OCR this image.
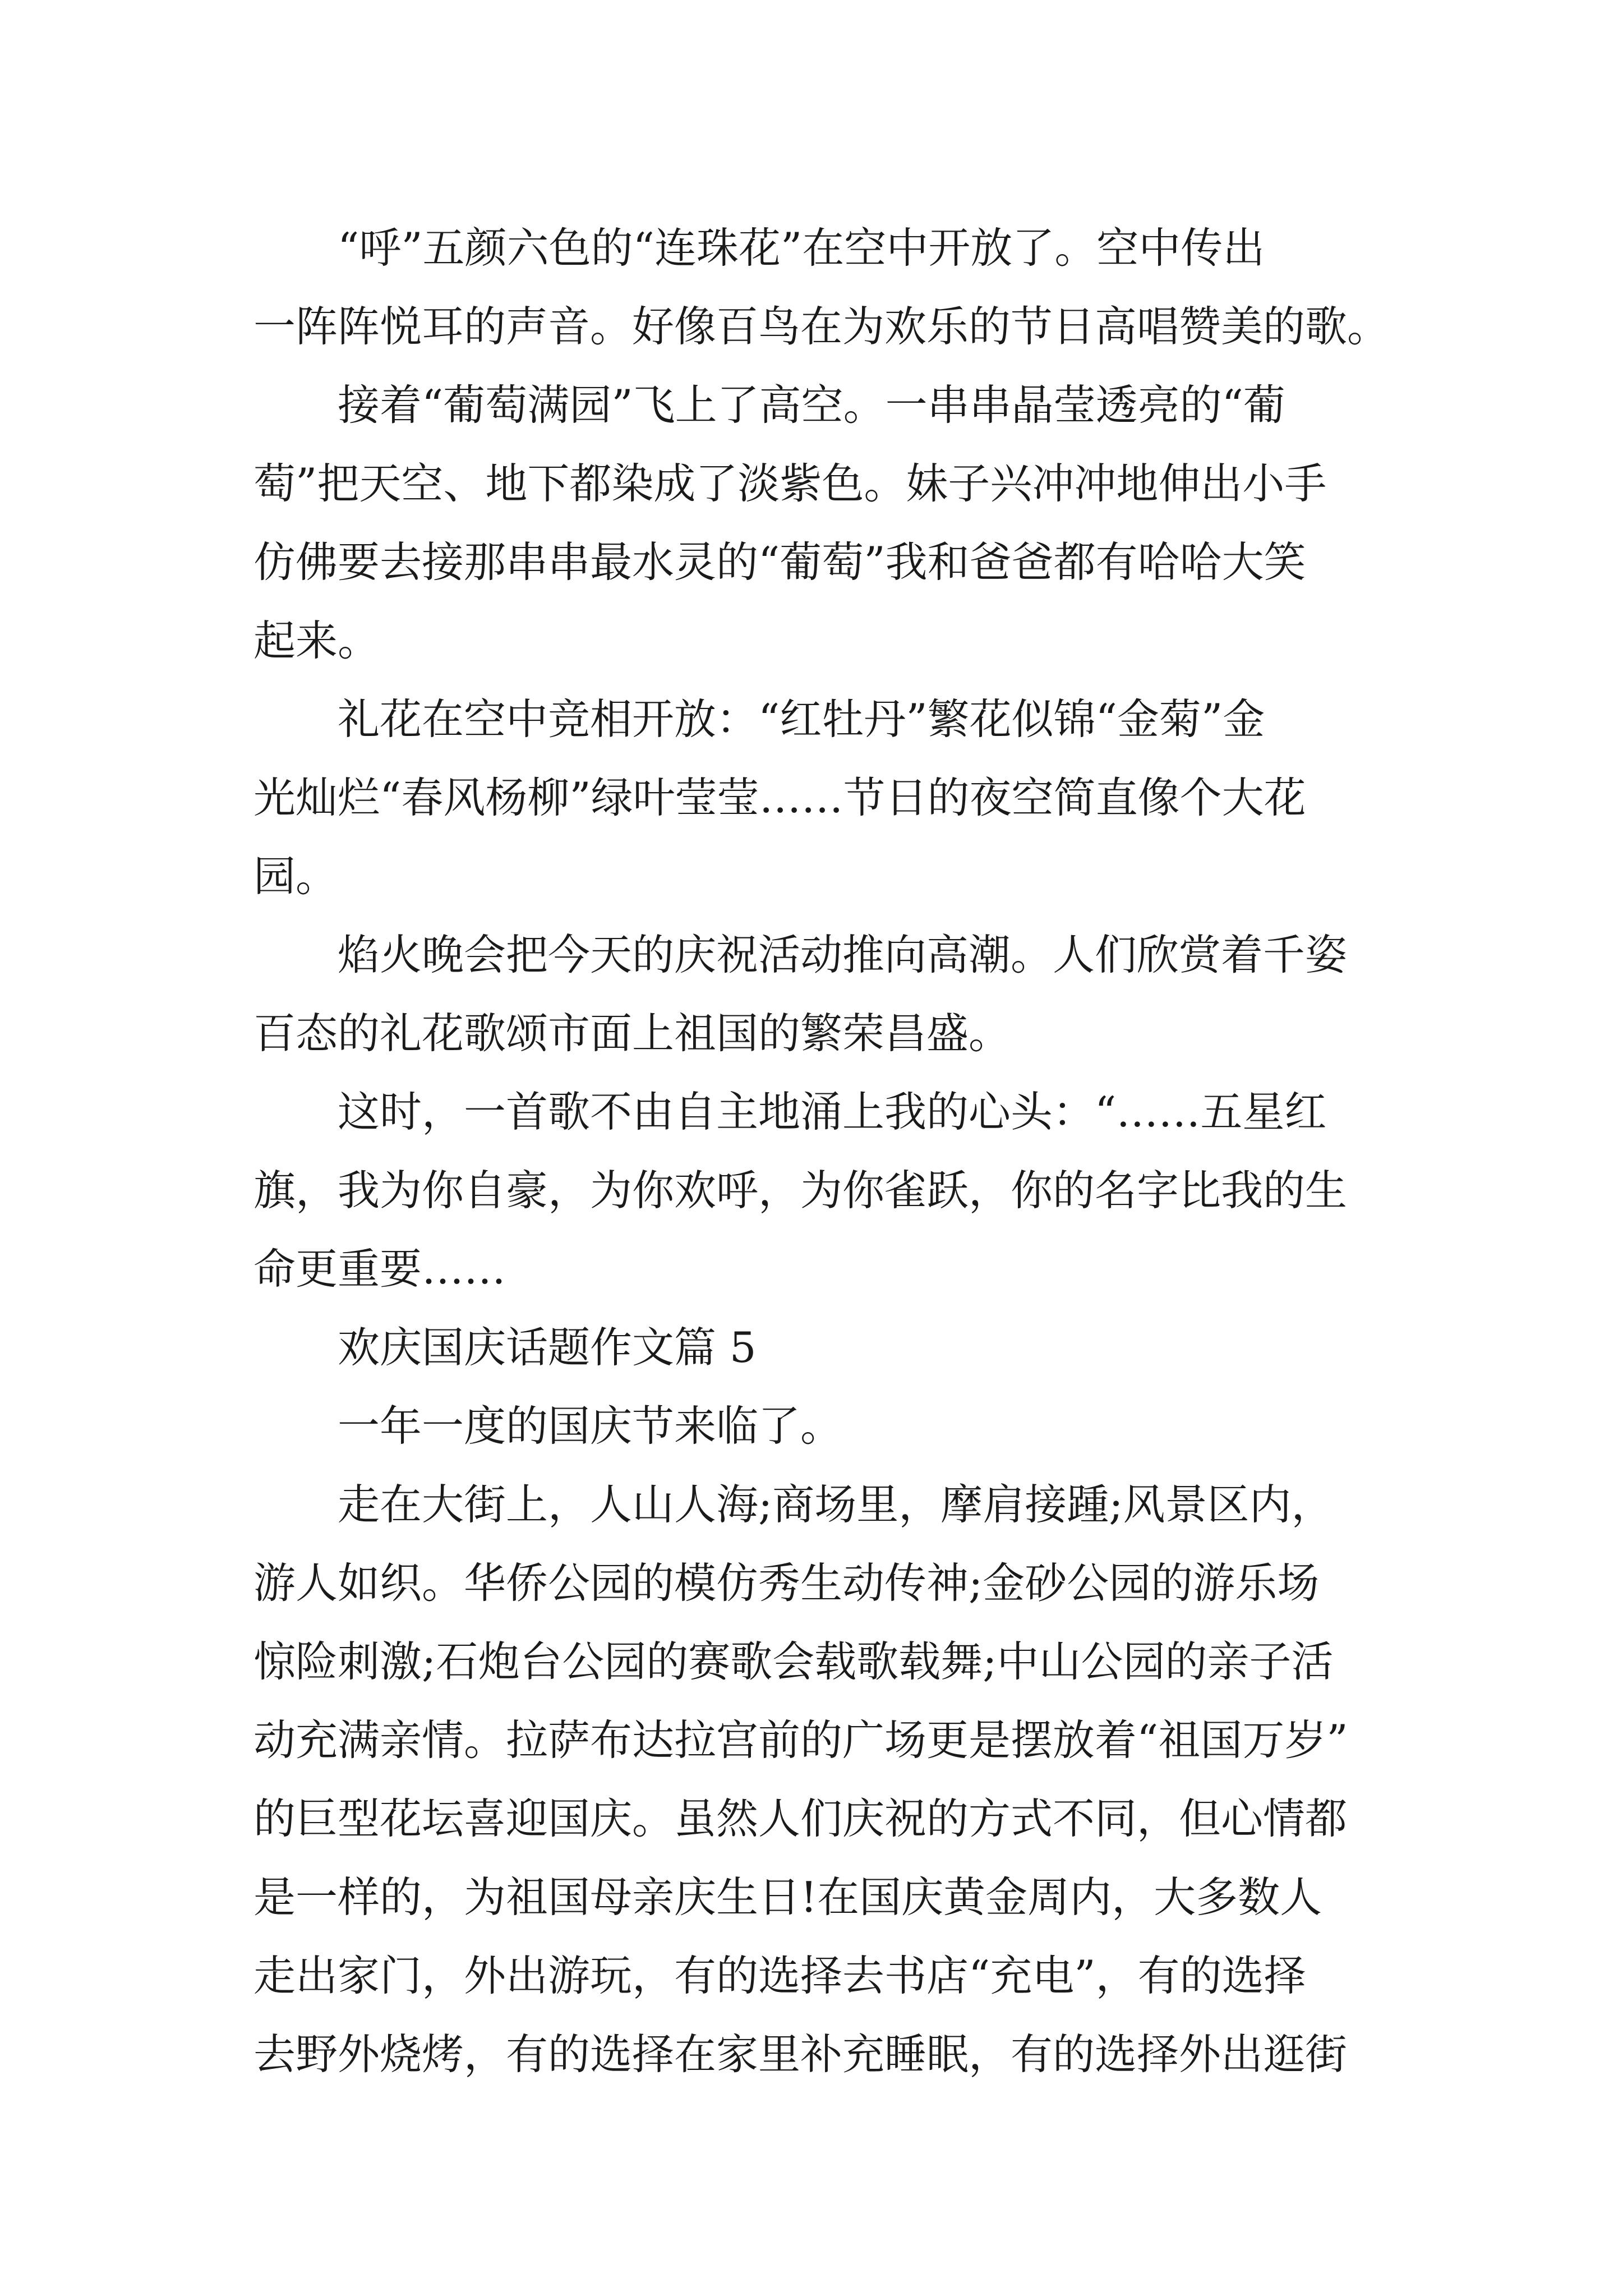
“呼”五颜六色的“连珠花”在空中开放了。空中传出
一阵阵悦耳的声音。好像百鸟在为欢乐的节日高唱赞美的歌。
接着“葡萄满园”飞上了高空。一串串晶莹透亮的“葡
萄”把天空、地下都染成了淡紫色。妹子兴冲冲地伸出小手
仿佛要去接那串串最水灵的“葡萄”我和爸爸都有哈哈大笑
起来。
礼花在空中竞相开放：“红牡丹”繁花似锦“金菊”金
光灿烂“春风杨柳”绿叶莹莹……节日的夜空简直像个大花
园。
焰火晚会把今天的庆祝活动推向高潮。人们欣赏着千姿
百态的礼花歌颂市面上祖国的繁荣昌盛。
这时，一首歌不由自主地涌上我的心头：“……五星红
旗，我为你自豪，为你欢呼，为你雀跃，你的名字比我的生
命更重要……
欢庆国庆话题作文篇 5
一年一度的国庆节来临了。
走在大街上，人山人海;商场里，摩肩接踵;风景区内，
游人如织。华侨公园的模仿秀生动传神;金砂公园的游乐场
惊险刺激;石炮台公园的赛歌会载歌载舞;中山公园的亲子活
动充满亲情。拉萨布达拉宫前的广场更是摆放着“祖国万岁”
的巨型花坛喜迎国庆。虽然人们庆祝的方式不同，但心情都
是一样的，为祖国母亲庆生日!在国庆黄金周内，大多数人
走出家门，外出游玩，有的选择去书店“充电”，有的选择
去野外烧烤，有的选择在家里补充睡眠，有的选择外出逛街
